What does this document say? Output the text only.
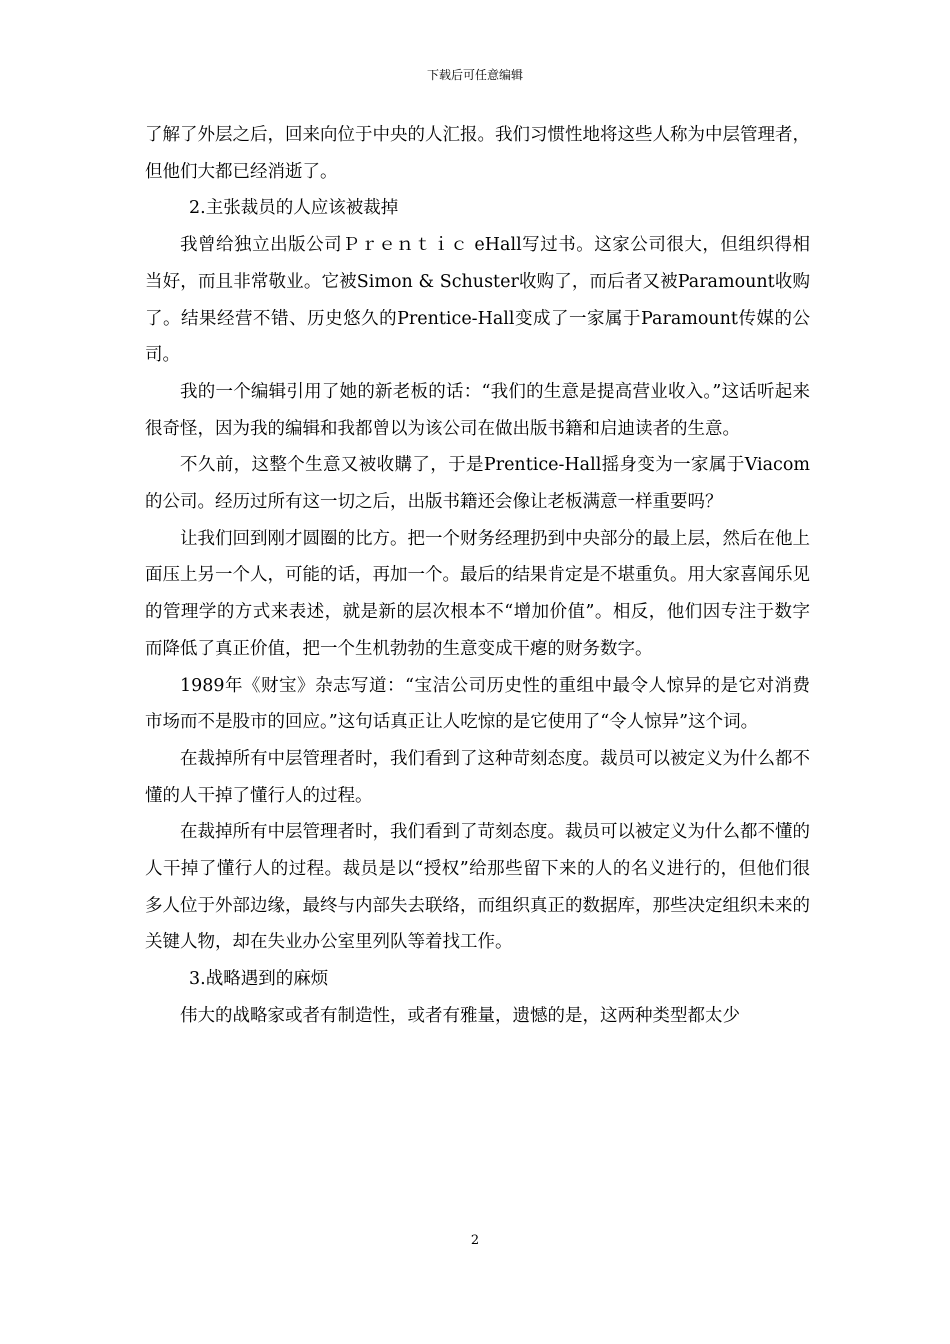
下载后可任意编辑

了解了外层之后，回来向位于中央的人汇报。我们习惯性地将这些人称为中层管理者，但他们大都已经消逝了。

2.主张裁员的人应该被裁掉

我曾给独立出版公司Ｐｒｅｎｔｉｃ eHall写过书。这家公司很大，但组织得相当好，而且非常敬业。它被Simon & Schuster收购了，而后者又被Paramount收购了。结果经营不错、历史悠久的Prentice-Hall变成了一家属于Paramount传媒的公司。

我的一个编辑引用了她的新老板的话：“我们的生意是提高营业收入。”这话听起来很奇怪，因为我的编辑和我都曾以为该公司在做出版书籍和启迪读者的生意。

不久前，这整个生意又被收購了，于是Prentice-Hall摇身变为一家属于Viacom的公司。经历过所有这一切之后，出版书籍还会像让老板满意一样重要吗？

让我们回到刚才圆圈的比方。把一个财务经理扔到中央部分的最上层，然后在他上面压上另一个人，可能的话，再加一个。最后的结果肯定是不堪重负。用大家喜闻乐见的管理学的方式来表述，就是新的层次根本不“增加价值”。相反，他们因专注于数字而降低了真正价值，把一个生机勃勃的生意变成干瘪的财务数字。

1989年《财宝》杂志写道：“宝洁公司历史性的重组中最令人惊异的是它对消费市场而不是股市的回应。”这句话真正让人吃惊的是它使用了“令人惊异”这个词。

在裁掉所有中层管理者时，我们看到了这种苛刻态度。裁员可以被定义为什么都不懂的人干掉了懂行人的过程。

在裁掉所有中层管理者时，我们看到了苛刻态度。裁员可以被定义为什么都不懂的人干掉了懂行人的过程。裁员是以“授权”给那些留下来的人的名义进行的，但他们很多人位于外部边缘，最终与内部失去联络，而组织真正的数据库，那些决定组织未来的关键人物，却在失业办公室里列队等着找工作。

3.战略遇到的麻烦

伟大的战略家或者有制造性，或者有雅量，遗憾的是，这两种类型都太少

2
